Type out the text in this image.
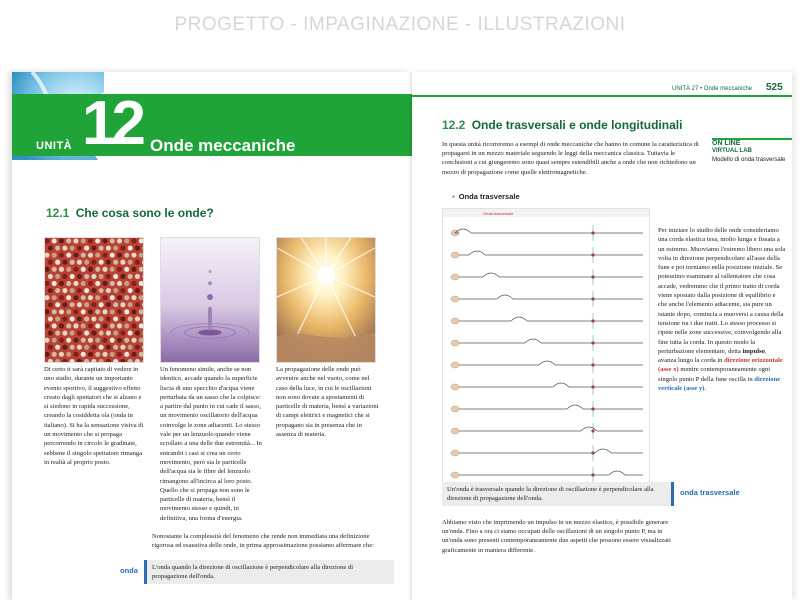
PROGETTO - IMPAGINAZIONE - ILLUSTRAZIONI
UNITÀ 12 Onde meccaniche
12.1 Che cosa sono le onde?
Di certo ti sarà capitato di vedere in uno stadio, durante un importante evento sportivo, il suggestivo effetto creato dagli spettatori che si alzano e si siedono in rapida successione, creando la cosiddetta ola (onda in italiano). Si ha la sensazione visiva di un movimento che si propaga percorrendo in circolo le gradinate, sebbene il singolo spettatore rimanga in realtà al proprio posto.
Un fenomeno simile, anche se non identico, accade quando la superficie liscia di uno specchio d'acqua viene perturbata da un sasso che la colpisce: a partire dal punto in cui cade il sasso, un movimento oscillatorio dell'acqua coinvolge le zone adiacenti. Lo stesso vale per un lenzuolo quando viene scrollato a una delle due estremità... In entrambi i casi si crea un certo movimento, però sia le particelle dell'acqua sia le fibre del lenzuolo rimangono all'incirca al loro posto. Quello che si propaga non sono le particelle di materia, bensì il movimento stesso e quindi, in definitiva, una forma d'energia.
La propagazione delle onde può avvenire anche nel vuoto, come nel caso della luce, in cui le oscillazioni non sono dovute a spostamenti di particelle di materia, bensì a variazioni di campi elettrici e magnetici che si propagano sia in presenza che in assenza di materia.
Nonostante la complessità del fenomeno che rende non immediata una definizione rigorosa ed esaustiva delle onde, in prima approssimazione possiamo affermare che:
onda	L'onda quando la direzione di oscillazione è perpendicolare alla direzione di propagazione dell'onda.
UNITÀ 27 • Onde meccaniche 525
12.2 Onde trasversali e onde longitudinali
In questa unità ricorreremo a esempi di onde meccaniche che hanno in comune la caratteristica di propagarsi in un mezzo materiale seguendo le leggi della meccanica classica. Tuttavia le conclusioni a cui giungeremo sono quasi sempre estendibili anche a onde che non richiedono un mezzo di propagazione come quelle elettromagnetiche.
ON LINE
VIRTUAL LAB
Modello di onda trasversale
▪ Onda trasversale
Onda trasversale
Per iniziare lo studio delle onde consideriamo una corda elastica tesa, molto lunga e fissata a un estremo. Muoviamo l'estremo libero una sola volta in direzione perpendicolare all'asse della fune e poi torniamo nella posizione iniziale. Se potessimo esaminare al rallentatore che cosa accade, vedremmo che il primo tratto di corda viene spostato dalla posizione di equilibrio e che anche l'elemento adiacente, sia pure un istante dopo, comincia a muoversi a causa della tensione tra i due tratti. Lo stesso processo si ripete nelle zone successive, coinvolgendo alla fine tutta la corda. In questo modo la perturbazione elementare, detta impulso, avanza lungo la corda in direzione orizzontale (asse x) mentre contemporaneamente ogni singolo punto P della fune oscilla in direzione verticale (asse y).
Un'onda è trasversale quando la direzione di oscillazione è perpendicolare alla direzione di propagazione dell'onda.
onda trasversale
Abbiamo visto che imprimendo un impulso in un mezzo elastico, è possibile generare un'onda. Fino a ora ci siamo occupati delle oscillazioni di un singolo punto P, ma in un'onda sono presenti contemporaneamente due aspetti che possono essere visualizzati graficamente in maniera differente.
